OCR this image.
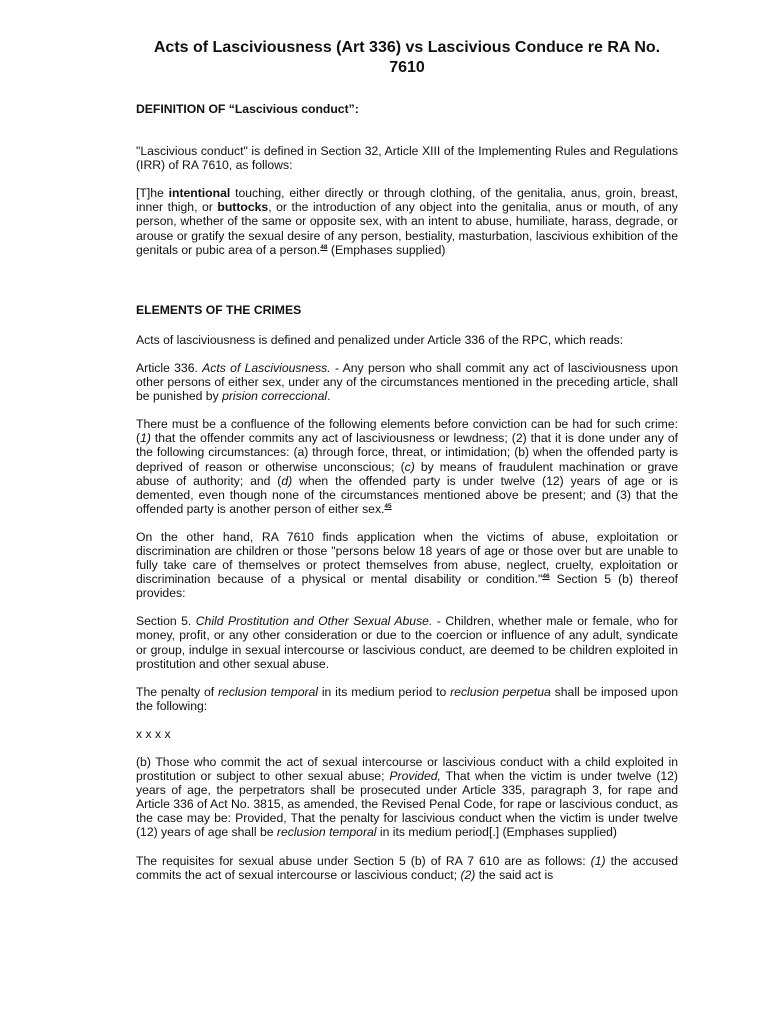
Acts of Lasciviousness (Art 336) vs Lascivious Conduce re RA No. 7610

DEFINITION OF “Lascivious conduct”:

"Lascivious conduct" is defined in Section 32, Article XIII of the Implementing Rules and Regulations (IRR) of RA 7610, as follows:

[T]he intentional touching, either directly or through clothing, of the genitalia, anus, groin, breast, inner thigh, or buttocks, or the introduction of any object into the genitalia, anus or mouth, of any person, whether of the same or opposite sex, with an intent to abuse, humiliate, harass, degrade, or arouse or gratify the sexual desire of any person, bestiality, masturbation, lascivious exhibition of the genitals or pubic area of a person.$^{48}$ (Emphases supplied)

ELEMENTS OF THE CRIMES

Acts of lasciviousness is defined and penalized under Article 336 of the RPC, which reads:

Article 336. Acts of Lasciviousness. - Any person who shall commit any act of lasciviousness upon other persons of either sex, under any of the circumstances mentioned in the preceding article, shall be punished by prision correccional.

There must be a confluence of the following elements before conviction can be had for such crime: (1) that the offender commits any act of lasciviousness or lewdness; (2) that it is done under any of the following circumstances: (a) through force, threat, or intimidation; (b) when the offended party is deprived of reason or otherwise unconscious; (c) by means of fraudulent machination or grave abuse of authority; and (d) when the offended party is under twelve (12) years of age or is demented, even though none of the circumstances mentioned above be present; and (3) that the offended party is another person of either sex.$^{45}$

On the other hand, RA 7610 finds application when the victims of abuse, exploitation or discrimination are children or those "persons below 18 years of age or those over but are unable to fully take care of themselves or protect themselves from abuse, neglect, cruelty, exploitation or discrimination because of a physical or mental disability or condition."$^{46}$ Section 5 (b) thereof provides:

Section 5. Child Prostitution and Other Sexual Abuse. - Children, whether male or female, who for money, profit, or any other consideration or due to the coercion or influence of any adult, syndicate or group, indulge in sexual intercourse or lascivious conduct, are deemed to be children exploited in prostitution and other sexual abuse.

The penalty of reclusion temporal in its medium period to reclusion perpetua shall be imposed upon the following:

x x x x

(b) Those who commit the act of sexual intercourse or lascivious conduct with a child exploited in prostitution or subject to other sexual abuse; Provided, That when the victim is under twelve (12) years of age, the perpetrators shall be prosecuted under Article 335, paragraph 3, for rape and Article 336 of Act No. 3815, as amended, the Revised Penal Code, for rape or lascivious conduct, as the case may be: Provided, That the penalty for lascivious conduct when the victim is under twelve (12) years of age shall be reclusion temporal in its medium period[.] (Emphases supplied)

The requisites for sexual abuse under Section 5 (b) of RA 7 610 are as follows: (1) the accused commits the act of sexual intercourse or lascivious conduct; (2) the said act is
